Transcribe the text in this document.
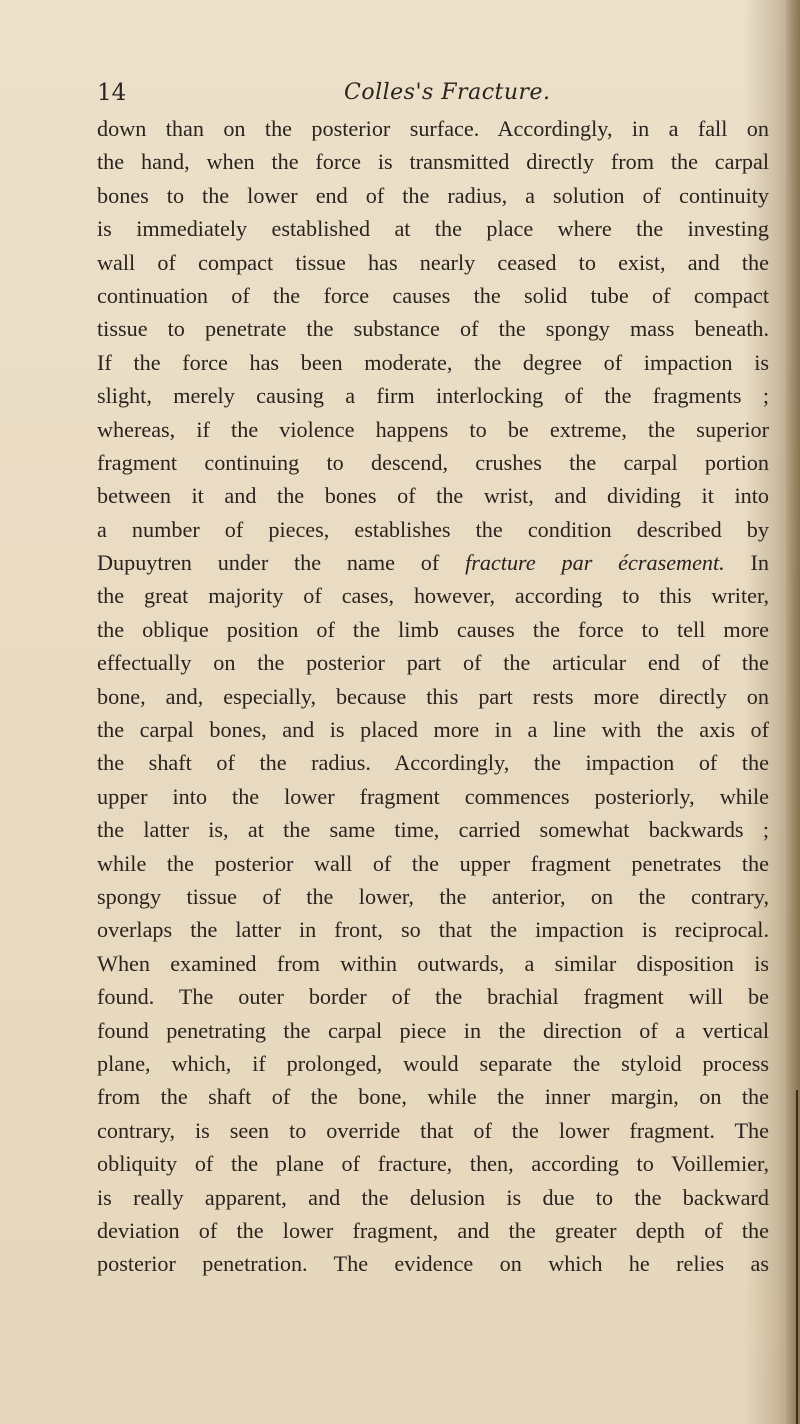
14	Colles's Fracture.
down than on the posterior surface. Accordingly, in a fall on
the hand, when the force is transmitted directly from the carpal
bones to the lower end of the radius, a solution of continuity
is immediately established at the place where the investing
wall of compact tissue has nearly ceased to exist, and the
continuation of the force causes the solid tube of compact
tissue to penetrate the substance of the spongy mass beneath.
If the force has been moderate, the degree of impaction is
slight, merely causing a firm interlocking of the fragments ;
whereas, if the violence happens to be extreme, the superior
fragment continuing to descend, crushes the carpal portion
between it and the bones of the wrist, and dividing it into
a number of pieces, establishes the condition described by
Dupuytren under the name of fracture par écrasement. In
the great majority of cases, however, according to this writer,
the oblique position of the limb causes the force to tell more
effectually on the posterior part of the articular end of the
bone, and, especially, because this part rests more directly on
the carpal bones, and is placed more in a line with the axis of
the shaft of the radius. Accordingly, the impaction of the
upper into the lower fragment commences posteriorly, while
the latter is, at the same time, carried somewhat backwards ;
while the posterior wall of the upper fragment penetrates the
spongy tissue of the lower, the anterior, on the contrary,
overlaps the latter in front, so that the impaction is reciprocal.
When examined from within outwards, a similar disposition is
found. The outer border of the brachial fragment will be
found penetrating the carpal piece in the direction of a vertical
plane, which, if prolonged, would separate the styloid process
from the shaft of the bone, while the inner margin, on the
contrary, is seen to override that of the lower fragment. The
obliquity of the plane of fracture, then, according to Voillemier,
is really apparent, and the delusion is due to the backward
deviation of the lower fragment, and the greater depth of the
posterior penetration. The evidence on which he relies as
